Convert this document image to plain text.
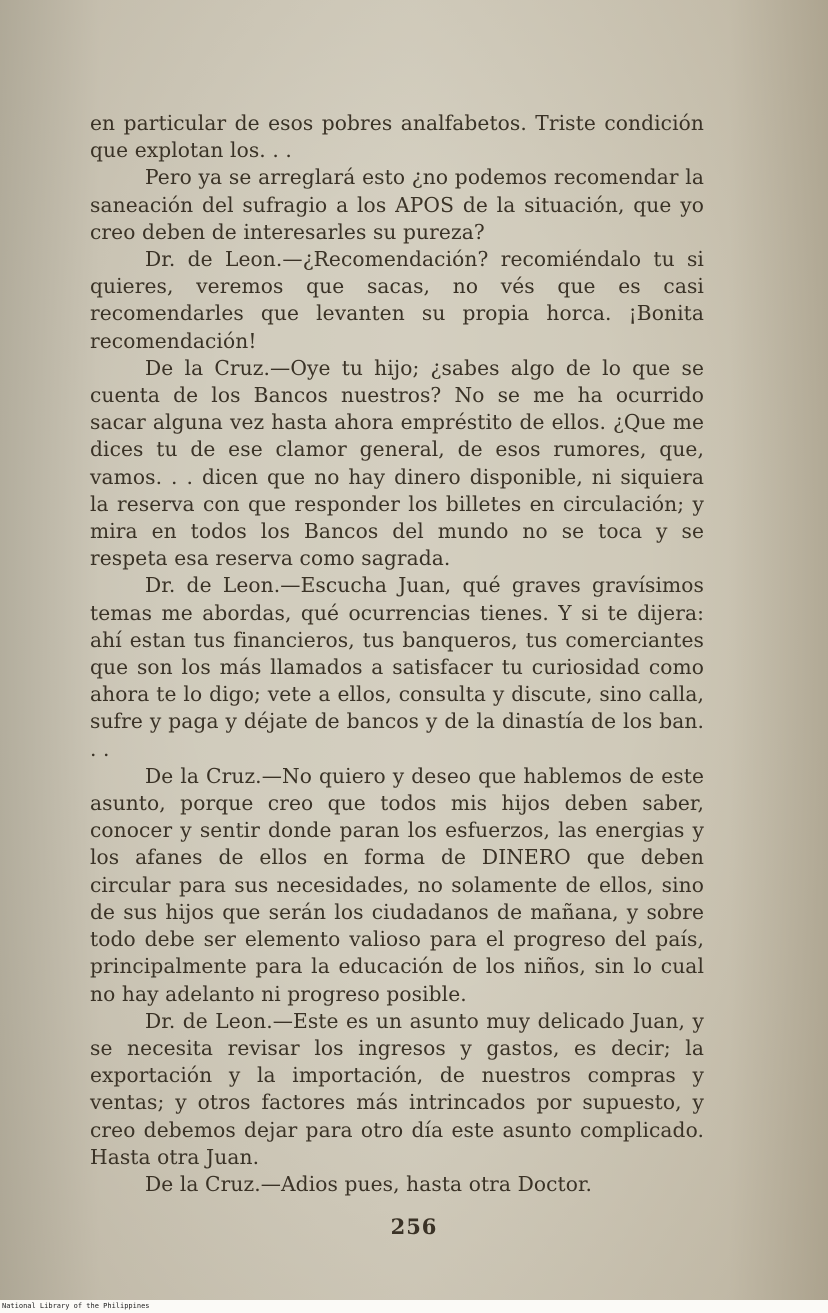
en particular de esos pobres analfabetos. Triste condición que explotan los. . .

Pero ya se arreglará esto ¿no podemos recomendar la saneación del sufragio a los APOS de la situación, que yo creo deben de interesarles su pureza?

Dr. de Leon.—¿Recomendación? recomiéndalo tu si quieres, veremos que sacas, no vés que es casi recomendarles que levanten su propia horca. ¡Bonita recomendación!

De la Cruz.—Oye tu hijo; ¿sabes algo de lo que se cuenta de los Bancos nuestros? No se me ha ocurrido sacar alguna vez hasta ahora empréstito de ellos. ¿Que me dices tu de ese clamor general, de esos rumores, que, vamos. . . dicen que no hay dinero disponible, ni siquiera la reserva con que responder los billetes en circulación; y mira en todos los Bancos del mundo no se toca y se respeta esa reserva como sagrada.

Dr. de Leon.—Escucha Juan, qué graves gravísimos temas me abordas, qué ocurrencias tienes. Y si te dijera: ahí estan tus financieros, tus banqueros, tus comerciantes que son los más llamados a satisfacer tu curiosidad como ahora te lo digo; vete a ellos, consulta y discute, sino calla, sufre y paga y déjate de bancos y de la dinastía de los ban. . .

De la Cruz.—No quiero y deseo que hablemos de este asunto, porque creo que todos mis hijos deben saber, conocer y sentir donde paran los esfuerzos, las energias y los afanes de ellos en forma de DINERO que deben circular para sus necesidades, no solamente de ellos, sino de sus hijos que serán los ciudadanos de mañana, y sobre todo debe ser elemento valioso para el progreso del país, principalmente para la educación de los niños, sin lo cual no hay adelanto ni progreso posible.

Dr. de Leon.—Este es un asunto muy delicado Juan, y se necesita revisar los ingresos y gastos, es decir; la exportación y la importación, de nuestros compras y ventas; y otros factores más intrincados por supuesto, y creo debemos dejar para otro día este asunto complicado. Hasta otra Juan.

De la Cruz.—Adios pues, hasta otra Doctor.

256
National Library of the Philippines
